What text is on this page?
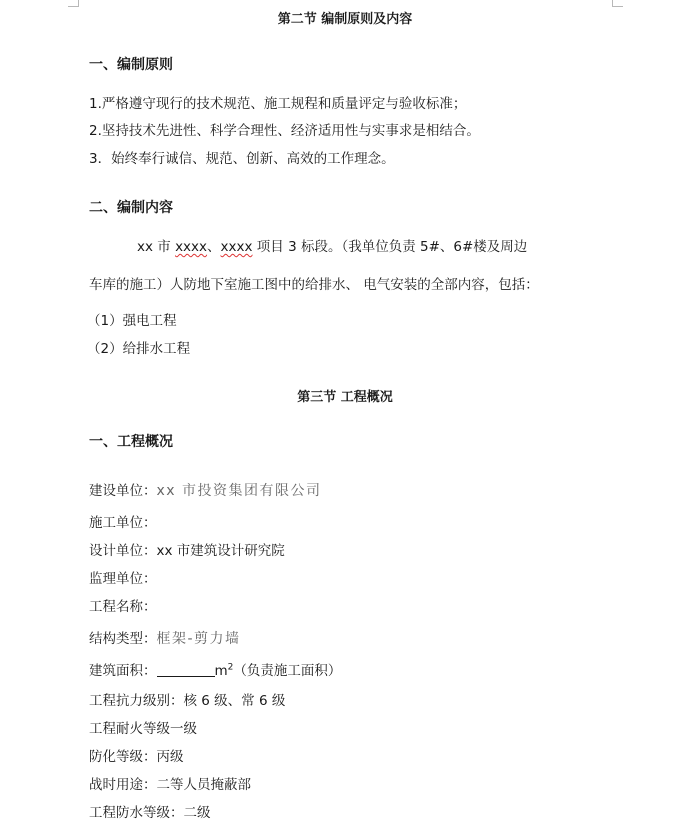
第二节 编制原则及内容
一、编制原则
1.严格遵守现行的技术规范、施工规程和质量评定与验收标准；
2.坚持技术先进性、科学合理性、经济适用性与实事求是相结合。
3．始终奉行诚信、规范、创新、高效的工作理念。
二、编制内容
xx 市 xxxx、xxxx 项目 3 标段。（我单位负责 5#、6#楼及周边
车库的施工）人防地下室施工图中的给排水、 电气安装的全部内容，包括：
（1）强电工程
（2）给排水工程
第三节 工程概况
一、工程概况
建设单位：xx 市投资集团有限公司
施工单位：
设计单位：xx 市建筑设计研究院
监理单位：
工程名称：
结构类型：框架-剪力墙
建筑面积：	$m^2$（负责施工面积）
工程抗力级别：核 6 级、常 6 级
工程耐火等级一级
防化等级：丙级
战时用途：二等人员掩蔽部
工程防水等级：二级
